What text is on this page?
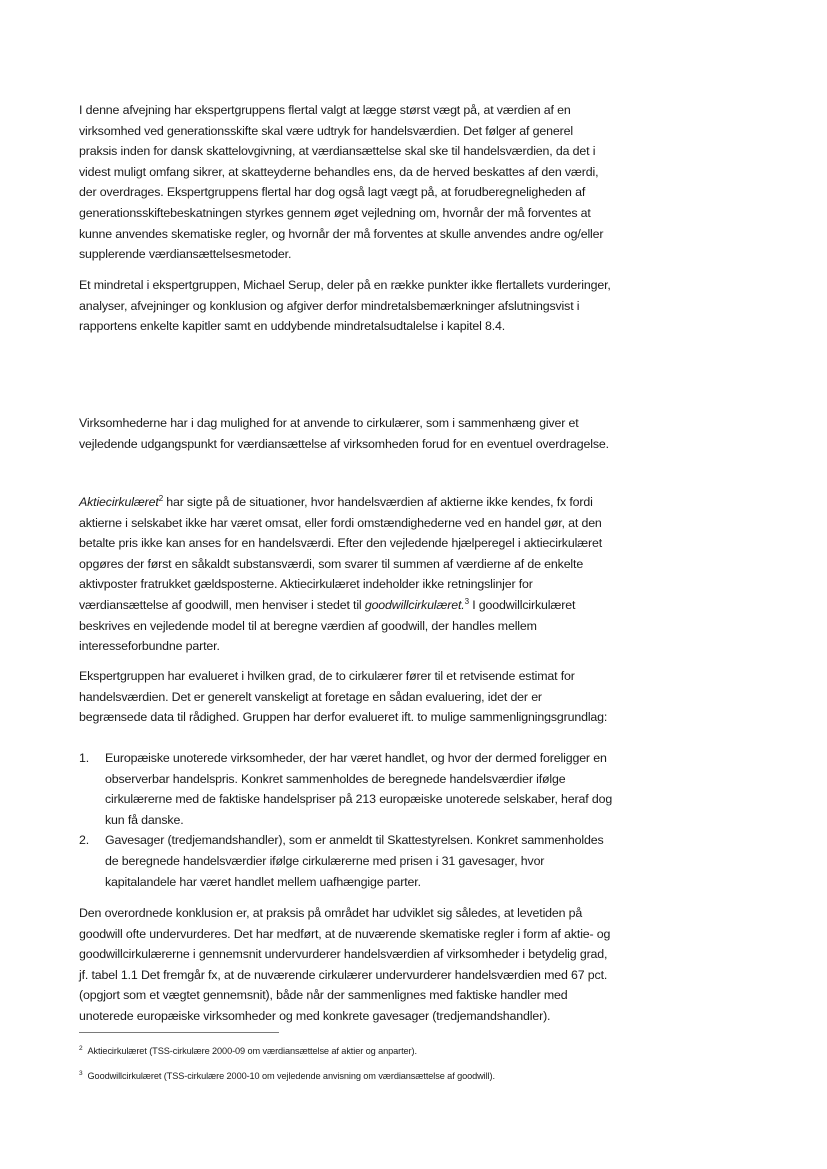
I denne afvejning har ekspertgruppens flertal valgt at lægge størst vægt på, at værdien af en virksomhed ved generationsskifte skal være udtryk for handelsværdien. Det følger af generel praksis inden for dansk skattelovgivning, at værdiansættelse skal ske til handelsværdien, da det i videst muligt omfang sikrer, at skatteyderne behandles ens, da de herved beskattes af den værdi, der overdrages. Ekspertgruppens flertal har dog også lagt vægt på, at forudberegneligheden af generationsskiftebeskatningen styrkes gennem øget vejledning om, hvornår der må forventes at kunne anvendes skematiske regler, og hvornår der må forventes at skulle anvendes andre og/eller supplerende værdiansættelsesmetoder.

Et mindretal i ekspertgruppen, Michael Serup, deler på en række punkter ikke flertallets vurderinger, analyser, afvejninger og konklusion og afgiver derfor mindretalsbemærkninger afslutningsvist i rapportens enkelte kapitler samt en uddybende mindretalsudtalelse i kapitel 8.4.

Virksomhederne har i dag mulighed for at anvende to cirkulærer, som i sammenhæng giver et vejledende udgangspunkt for værdiansættelse af virksomheden forud for en eventuel overdragelse.

Aktiecirkulæret$^2$ har sigte på de situationer, hvor handelsværdien af aktierne ikke kendes, fx fordi aktierne i selskabet ikke har været omsat, eller fordi omstændighederne ved en handel gør, at den betalte pris ikke kan anses for en handelsværdi. Efter den vejledende hjælperegel i aktiecirkulæret opgøres der først en såkaldt substansværdi, som svarer til summen af værdierne af de enkelte aktivposter fratrukket gældsposterne. Aktiecirkulæret indeholder ikke retningslinjer for værdiansættelse af goodwill, men henviser i stedet til goodwillcirkulæret.$^3$ I goodwillcirkulæret beskrives en vejledende model til at beregne værdien af goodwill, der handles mellem interesseforbundne parter.

Ekspertgruppen har evalueret i hvilken grad, de to cirkulærer fører til et retvisende estimat for handelsværdien. Det er generelt vanskeligt at foretage en sådan evaluering, idet der er begrænsede data til rådighed. Gruppen har derfor evalueret ift. to mulige sammenligningsgrundlag:

1. Europæiske unoterede virksomheder, der har været handlet, og hvor der dermed foreligger en observerbar handelspris. Konkret sammenholdes de beregnede handelsværdier ifølge cirkulærerne med de faktiske handelspriser på 213 europæiske unoterede selskaber, heraf dog kun få danske.
2. Gavesager (tredjemandshandler), som er anmeldt til Skattestyrelsen. Konkret sammenholdes de beregnede handelsværdier ifølge cirkulærerne med prisen i 31 gavesager, hvor kapitalandele har været handlet mellem uafhængige parter.

Den overordnede konklusion er, at praksis på området har udviklet sig således, at levetiden på goodwill ofte undervurderes. Det har medført, at de nuværende skematiske regler i form af aktie- og goodwillcirkulærerne i gennemsnit undervurderer handelsværdien af virksomheder i betydelig grad, jf. tabel 1.1 Det fremgår fx, at de nuværende cirkulærer undervurderer handelsværdien med 67 pct. (opgjort som et vægtet gennemsnit), både når der sammenlignes med faktiske handler med unoterede europæiske virksomheder og med konkrete gavesager (tredjemandshandler).

$^2$ Aktiecirkulæret (TSS-cirkulære 2000-09 om værdiansættelse af aktier og anparter).
$^3$ Goodwillcirkulæret (TSS-cirkulære 2000-10 om vejledende anvisning om værdiansættelse af goodwill).
